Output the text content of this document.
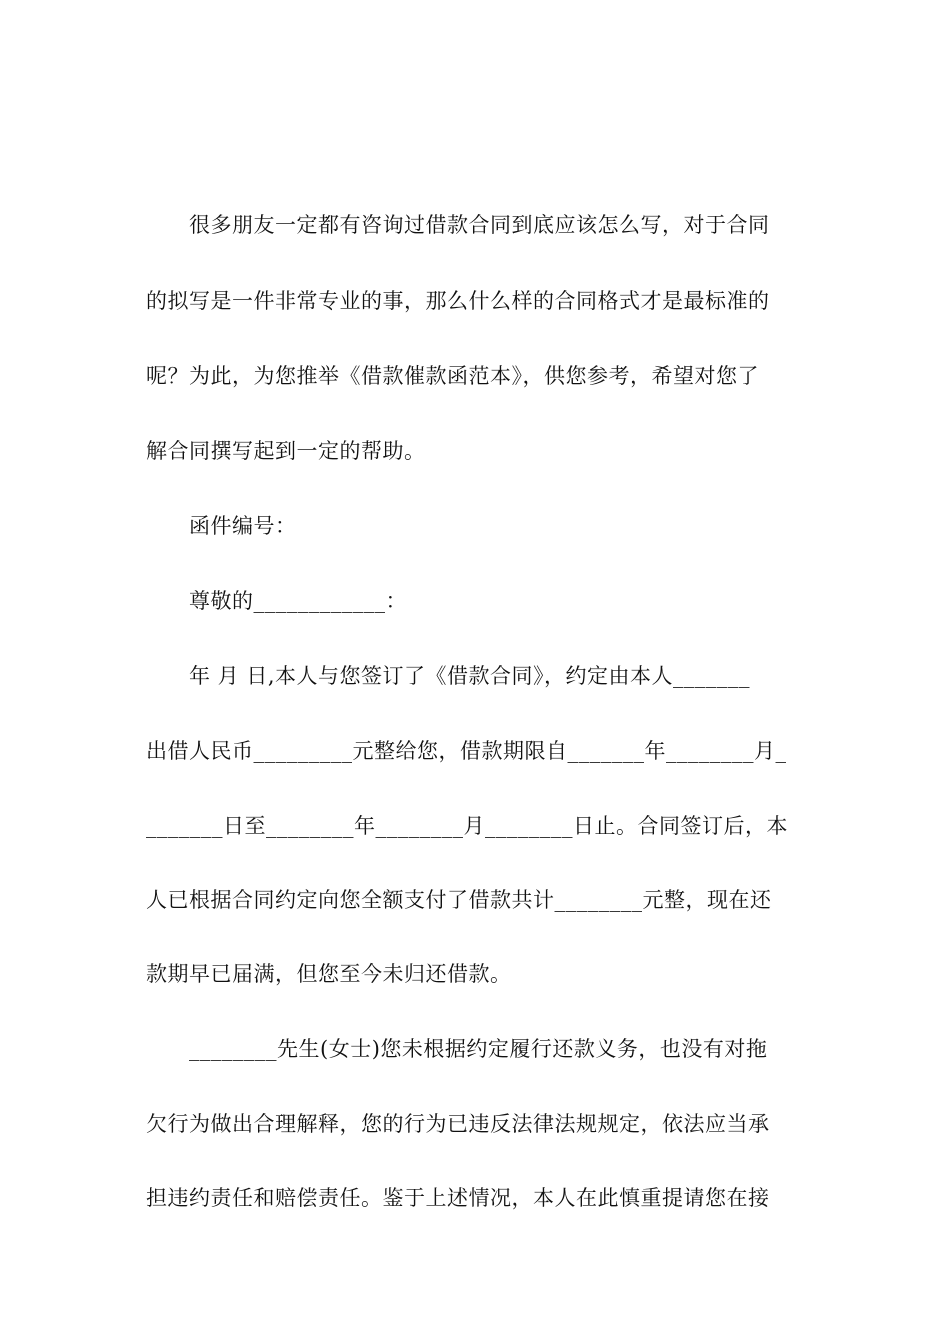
很多朋友一定都有咨询过借款合同到底应该怎么写，对于合同
的拟写是一件非常专业的事，那么什么样的合同格式才是最标准的
呢？为此，为您推举《借款催款函范本》，供您参考，希望对您了
解合同撰写起到一定的帮助。
函件编号：
尊敬的____________：
年 月 日,本人与您签订了《借款合同》，约定由本人_______
出借人民币_________元整给您，借款期限自_______年________月_
_______日至________年________月________日止。合同签订后，本
人已根据合同约定向您全额支付了借款共计________元整，现在还
款期早已届满，但您至今未归还借款。
________先生(女士)您未根据约定履行还款义务，也没有对拖
欠行为做出合理解释，您的行为已违反法律法规规定，依法应当承
担违约责任和赔偿责任。鉴于上述情况，本人在此慎重提请您在接
